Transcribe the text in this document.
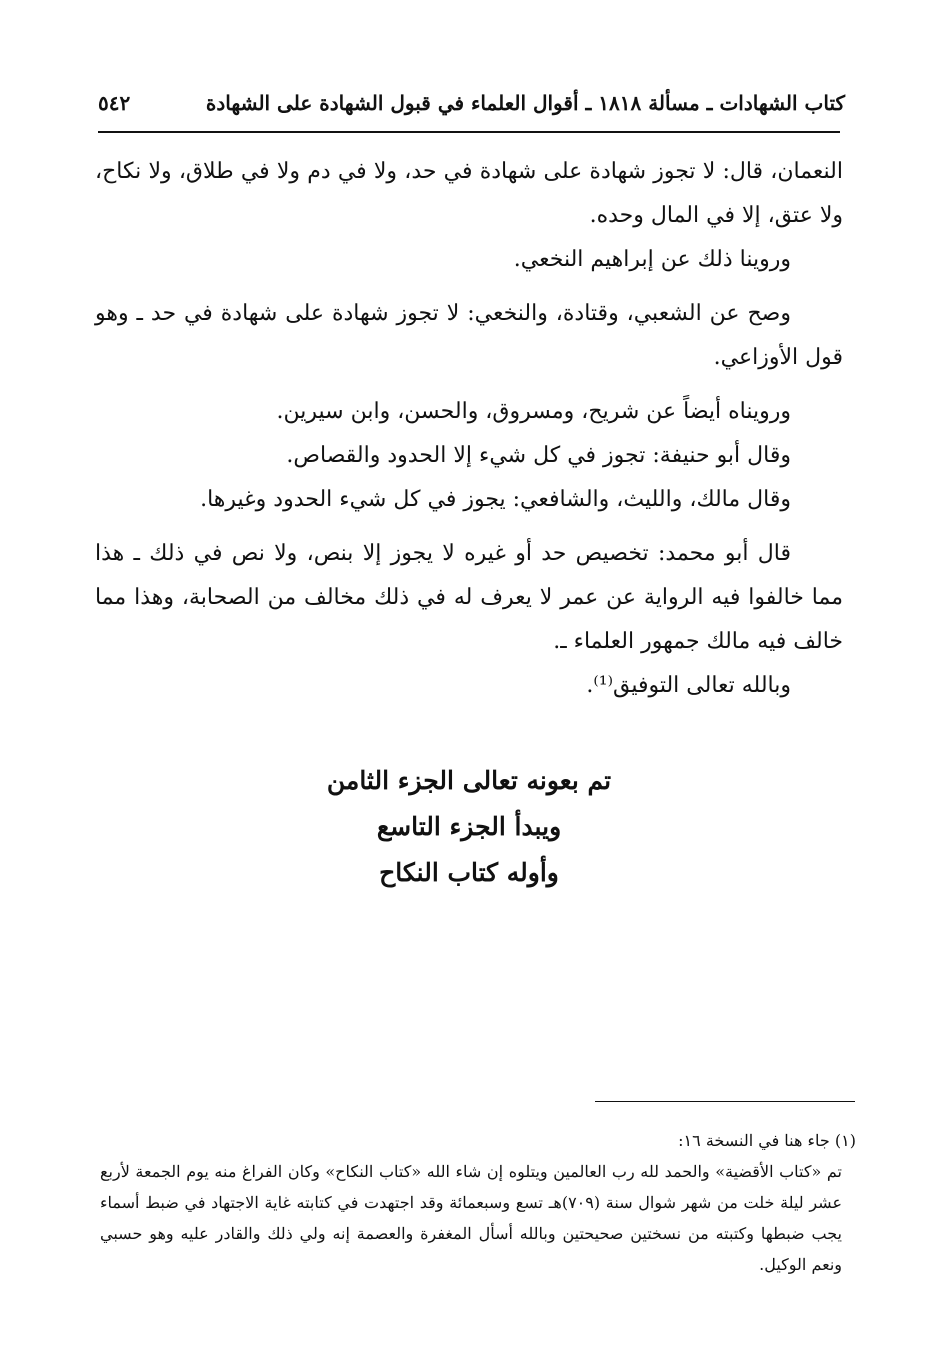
كتاب الشهادات ـ مسألة ١٨١٨ ـ أقوال العلماء في قبول الشهادة على الشهادة
٥٤٢

النعمان، قال: لا تجوز شهادة على شهادة في حد، ولا في دم ولا في طلاق، ولا نكاح، ولا عتق، إلا في المال وحده.

وروينا ذلك عن إبراهيم النخعي.

وصح عن الشعبي، وقتادة، والنخعي: لا تجوز شهادة على شهادة في حد ـ وهو قول الأوزاعي.

ورويناه أيضاً عن شريح، ومسروق، والحسن، وابن سيرين.

وقال أبو حنيفة: تجوز في كل شيء إلا الحدود والقصاص.

وقال مالك، والليث، والشافعي: يجوز في كل شيء الحدود وغيرها.

قال أبو محمد: تخصيص حد أو غيره لا يجوز إلا بنص، ولا نص في ذلك ـ هذا مما خالفوا فيه الرواية عن عمر لا يعرف له في ذلك مخالف من الصحابة، وهذا مما خالف فيه مالك جمهور العلماء ـ.

وبالله تعالى التوفيق⁽¹⁾.

تم بعونه تعالى الجزء الثامن
ويبدأ الجزء التاسع
وأوله كتاب النكاح

(١) جاء هنا في النسخة ١٦:

تم «كتاب الأقضية» والحمد لله رب العالمين ويتلوه إن شاء الله «كتاب النكاح» وكان الفراغ منه يوم الجمعة لأربع عشر ليلة خلت من شهر شوال سنة (٧٠٩)هـ تسع وسبعمائة وقد اجتهدت في كتابته غاية الاجتهاد في ضبط أسماء يجب ضبطها وكتبته من نسختين صحيحتين وبالله أسأل المغفرة والعصمة إنه ولي ذلك والقادر عليه وهو حسبي ونعم الوكيل.
